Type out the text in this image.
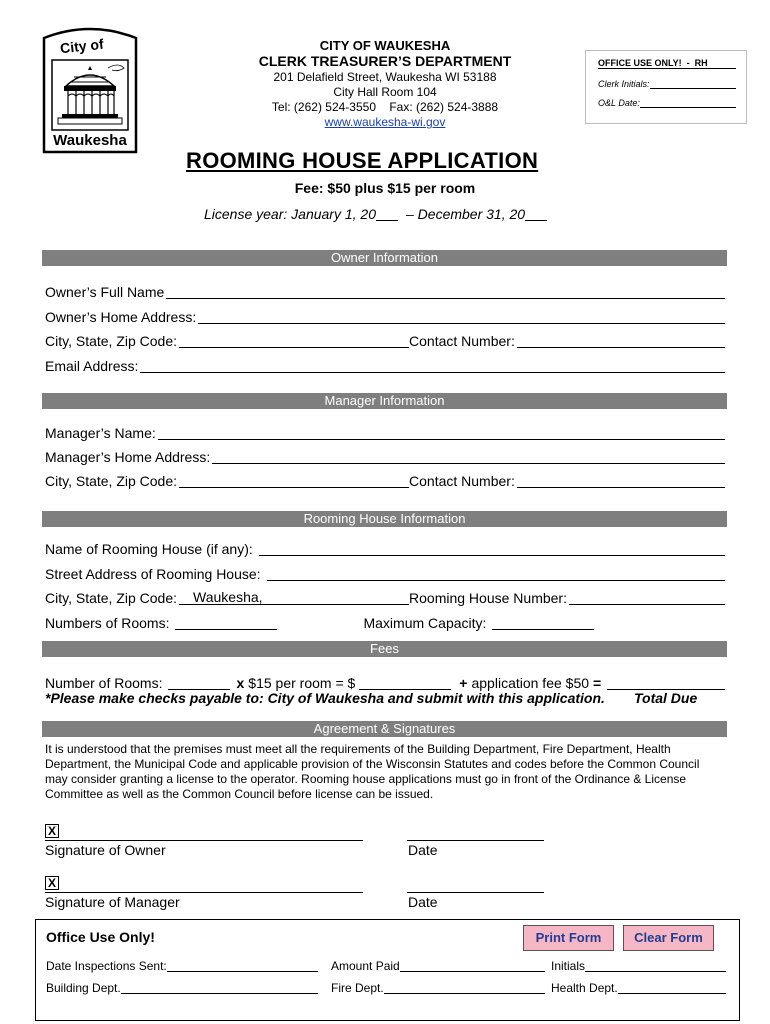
City of
Waukesha
CITY OF WAUKESHA
CLERK TREASURER’S DEPARTMENT
201 Delafield Street, Waukesha WI 53188
City Hall Room 104
Tel: (262) 524-3550    Fax: (262) 524-3888
www.waukesha-wi.gov
OFFICE USE ONLY!  -  RH
Clerk Initials:
O&L Date:
ROOMING HOUSE APPLICATION
Fee: $50 plus $15 per room
License year: January 1, 20	– December 31, 20
Owner Information
Owner’s Full Name
Owner’s Home Address:
City, State, Zip Code:	Contact Number:
Email Address:
Manager Information
Manager’s Name:
Manager’s Home Address:
City, State, Zip Code:	Contact Number:
Rooming House Information
Name of Rooming House (if any):
Street Address of Rooming House:
City, State, Zip Code:	Waukesha,	Rooming House Number:
Numbers of Rooms:	Maximum Capacity:
Fees
Number of Rooms:	x $15 per room = $	+ application fee $50 =
*Please make checks payable to: City of Waukesha and submit with this application. Total Due
Agreement & Signatures
It is understood that the premises must meet all the requirements of the Building Department, Fire Department, Health Department, the Municipal Code and applicable provision of the Wisconsin Statutes and codes before the Common Council may consider granting a license to the operator. Rooming house applications must go in front of the Ordinance & License Committee as well as the Common Council before license can be issued.
X
Signature of Owner	Date
X
Signature of Manager	Date
Office Use Only!	Print Form	Clear Form
Date Inspections Sent:	Amount Paid	Initials
Building Dept.	Fire Dept.	Health Dept.
